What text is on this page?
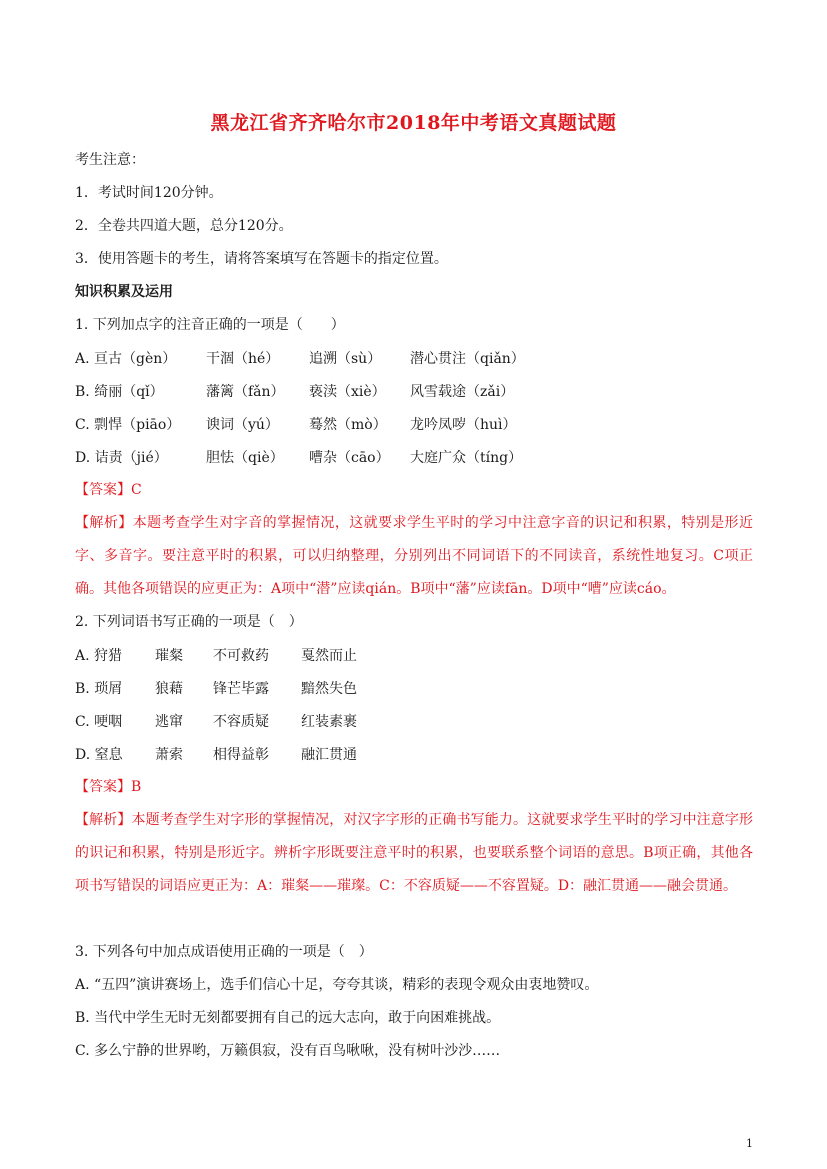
黑龙江省齐齐哈尔市2018年中考语文真题试题
考生注意：
1．考试时间120分钟。
2．全卷共四道大题，总分120分。
3．使用答题卡的考生，请将答案填写在答题卡的指定位置。
知识积累及运用
1. 下列加点字的注音正确的一项是（　　）
A. 亘古（gèn） 干涸（hé） 追溯（sù） 潜心贯注（qiǎn）
B. 绮丽（qǐ）	藩篱（fǎn） 亵渎（xiè） 风雪载途（zǎi）
C. 剽悍（piāo） 谀词（yú） 蓦然（mò） 龙吟凤哕（huì）
D. 诘责（jié）	胆怯（qiè） 嘈杂（cāo） 大庭广众（tíng）
【答案】C
【解析】本题考查学生对字音的掌握情况，这就要求学生平时的学习中注意字音的识记和积累，特别是形近字、多音字。要注意平时的积累，可以归纳整理，分别列出不同词语下的不同读音，系统性地复习。C项正确。其他各项错误的应更正为：A项中“潜”应读qián。B项中“藩”应读fān。D项中“嘈”应读cáo。
2. 下列词语书写正确的一项是（　）
A. 狩猎 璀粲 不可救药 戛然而止
B. 琐屑 狼藉 锋芒毕露 黯然失色
C. 哽咽 逃窜 不容质疑 红装素裹
D. 窒息 萧索 相得益彰 融汇贯通
【答案】B
【解析】本题考查学生对字形的掌握情况，对汉字字形的正确书写能力。这就要求学生平时的学习中注意字形的识记和积累，特别是形近字。辨析字形既要注意平时的积累，也要联系整个词语的意思。B项正确，其他各项书写错误的词语应更正为：A：璀粲——璀璨。C：不容质疑——不容置疑。D：融汇贯通——融会贯通。
3. 下列各句中加点成语使用正确的一项是（　）
A. “五四”演讲赛场上，选手们信心十足，夸夸其谈，精彩的表现令观众由衷地赞叹。
B. 当代中学生无时无刻都要拥有自己的远大志向，敢于向困难挑战。
C. 多么宁静的世界哟，万籁俱寂，没有百鸟啾啾，没有树叶沙沙……
1
